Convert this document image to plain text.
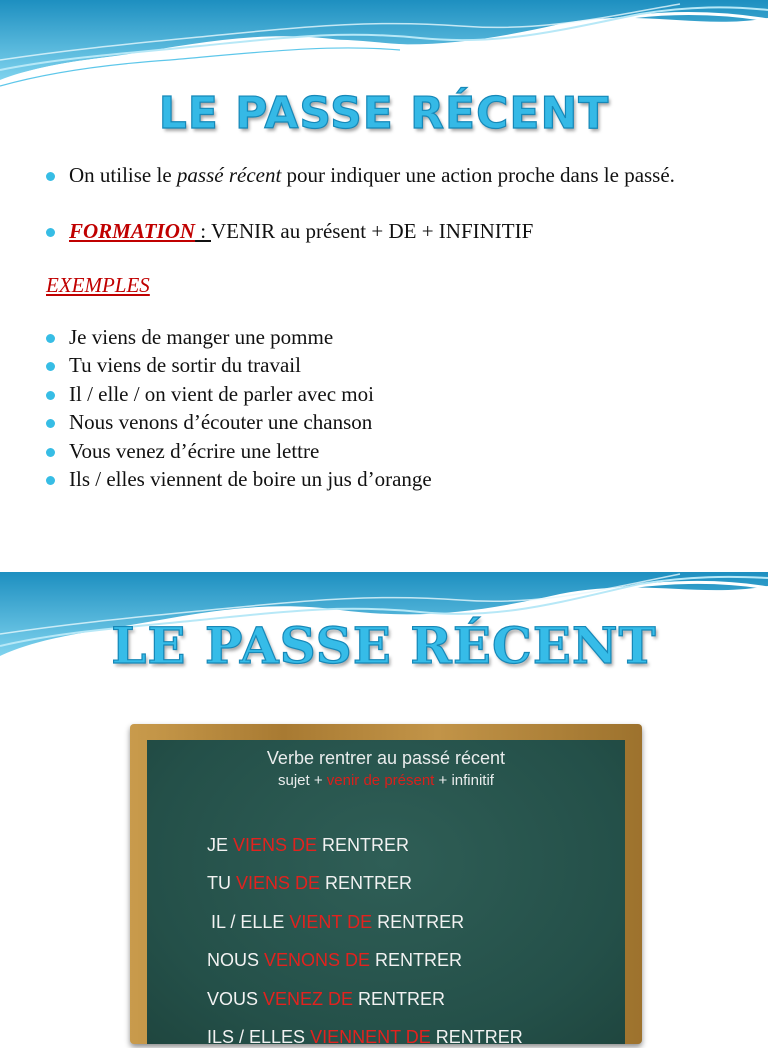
LE PASSE RÉCENT
On utilise le passé récent pour indiquer une action proche dans le passé.
FORMATION : VENIR au présent + DE + INFINITIF
EXEMPLES
Je viens de manger une pomme
Tu viens de sortir du travail
Il / elle / on vient de parler avec moi
Nous venons d’écouter une chanson
Vous venez d’écrire une lettre
Ils / elles viennent de boire un jus d’orange
LE PASSE RÉCENT
Verbe rentrer au passé récent
sujet + venir de présent + infinitif
JE VIENS DE RENTRER
TU VIENS DE RENTRER
IL / ELLE VIENT DE RENTRER
NOUS VENONS DE RENTRER
VOUS VENEZ DE RENTRER
ILS / ELLES VIENNENT DE RENTRER
